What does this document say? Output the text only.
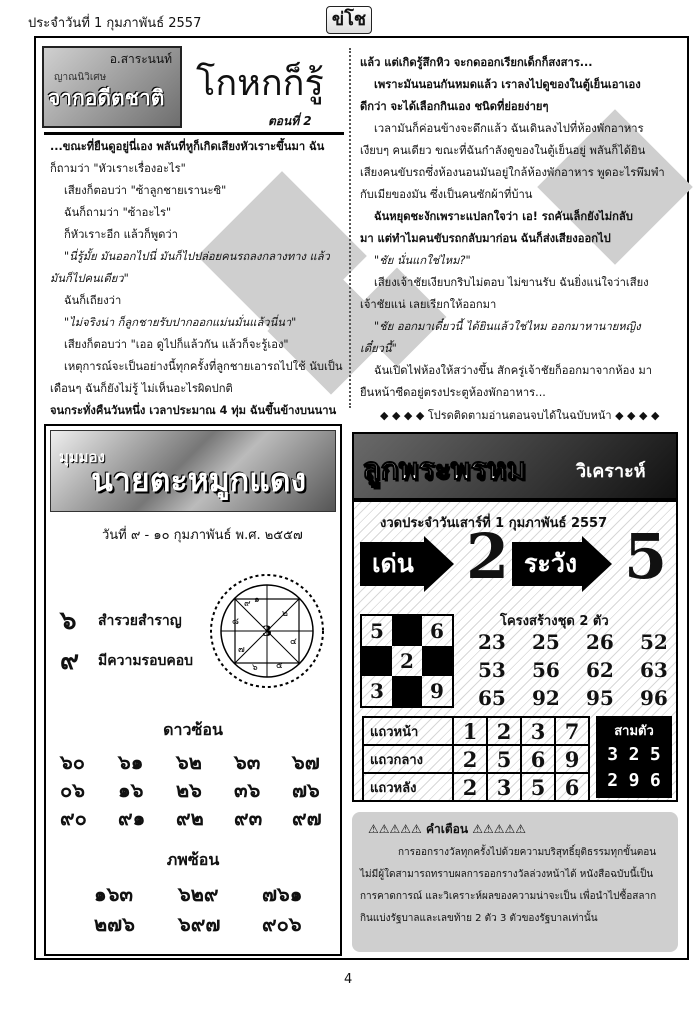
ประจำวันที่ 1 กุมภาพันธ์ 2557	ข่โช
อ.สาระนนท์
ญาณนิวิเศษ
จากอดีตชาติ โกหกก็รู้
ตอนที่ 2
...ขณะที่ยืนดูอยู่นี่เอง พลันที่หูก็เกิดเสียงหัวเราะขึ้นมา ฉัน
ก็ถามว่า "หัวเราะเรื่องอะไร"
เสียงก็ตอบว่า "ซ้าลูกชายเรานะซิ"
ฉันก็ถามว่า "ซ้าอะไร"
ก็หัวเราะอีก แล้วก็พูดว่า
"นี่รู้มั้ย มันออกไปนี่ มันก็ไปปล่อยคนรถลงกลางทาง แล้ว
มันก็ไปคนเดียว"
ฉันก็เถียงว่า
"ไม่จริงน่า ก็ลูกชายรับปากออกแม่นมั่นแล้วนี่นา"
เสียงก็ตอบว่า "เออ ดูไปก็แล้วกัน แล้วก็จะรู้เอง"
เหตุการณ์จะเป็นอย่างนี้ทุกครั้งที่ลูกชายเอารถไปใช้ นับเป็น
เดือนๆ ฉันก็ยังไม่รู้ ไม่เห็นอะไรผิดปกติ
จนกระทั่งคืนวันหนึ่ง เวลาประมาณ 4 ทุ่ม ฉันขึ้นข้างบนนาน
แล้ว แต่เกิดรู้สึกหิว จะกดออกเรียกเด็กก็สงสาร...
เพราะมันนอนกันหมดแล้ว เราลงไปดูของในตู้เย็นเอาเอง
ดีกว่า จะได้เลือกกินเอง ชนิดที่ย่อยง่ายๆ
เวลามันก็ค่อนข้างจะดึกแล้ว ฉันเดินลงไปที่ห้องพักอาหาร
เงียบๆ คนเดียว ขณะที่ฉันกำลังดูของในตู้เย็นอยู่ พลันก็ได้ยิน
เสียงคนขับรถซึ่งห้องนอนมันอยู่ใกล้ห้องพักอาหาร พูดอะไรพึมพำ
กับเมียของมัน ซึ่งเป็นคนซักผ้าที่บ้าน
ฉันหยุดชะงักเพราะแปลกใจว่า เอ! รถคันเล็กยังไม่กลับ
มา แต่ทำไมคนขับรถกลับมาก่อน ฉันก็ส่งเสียงออกไป
"ชัย นั่นแกใช่ไหม?"
เสียงเจ้าชัยเงียบกริบไม่ตอบ ไม่ขานรับ ฉันยิ่งแน่ใจว่าเสียง
เจ้าชัยแน่ เลยเรียกให้ออกมา
"ชัย ออกมาเดี๋ยวนี้ ได้ยินแล้วใช่ไหม ออกมาหานายหญิง
เดี๋ยวนี้"
ฉันเปิดไฟห้องให้สว่างขึ้น สักครู่เจ้าชัยก็ออกมาจากห้อง มา
ยืนหน้าซีดอยู่ตรงประตูห้องพักอาหาร...
◆ ◆ ◆ ◆ โปรดติดตามอ่านตอนจบได้ในฉบับหน้า ◆ ◆ ◆ ◆
มุมมอง
นายตะหมูกแดง
วันที่ ๙ - ๑๐ กุมภาพันธ์ พ.ศ. ๒๕๕๗
๖ สำรวยสำราญ
๙ มีความรอบคอบ
3
๑
๒
๔
๕
๖
๗
๘
๙
ดาวซ้อน
๖๐ ๖๑ ๖๒ ๖๓ ๖๗
๐๖ ๑๖ ๒๖ ๓๖ ๗๖
๙๐ ๙๑ ๙๒ ๙๓ ๙๗
ภพซ้อน
๑๖๓ ๖๒๙ ๗๖๑
๒๗๖ ๖๙๗ ๙๐๖
ลูกพระพรหม	วิเคราะห์
งวดประจำวันเสาร์ที่ 1 กุมภาพันธ์ 2557
เด่น 2 ระวัง 5
โครงสร้างชุด 2 ตัว
5	6
2
3	9
23 25 26 52
53 56 62 63
65 92 95 96
แถวหน้า	1	2	3	7
แถวกลาง	2	5	6	9
แถวหลัง	2	3	5	6
สามตัว
3 2 5
2 9 6
⚠⚠⚠⚠⚠ คำเตือน ⚠⚠⚠⚠⚠
การออกรางวัลทุกครั้งไปด้วยความบริสุทธิ์ยุติธรรมทุกขั้นตอน
ไม่มีผู้ใดสามารถทราบผลการออกรางวัลล่วงหน้าได้ หนังสือฉบับนี้เป็น
การคาดการณ์ และวิเคราะห์ผลของความน่าจะเป็น เพื่อนำไปซื้อสลาก
กินแบ่งรัฐบาลและเลขท้าย 2 ตัว 3 ตัวของรัฐบาลเท่านั้น
4
